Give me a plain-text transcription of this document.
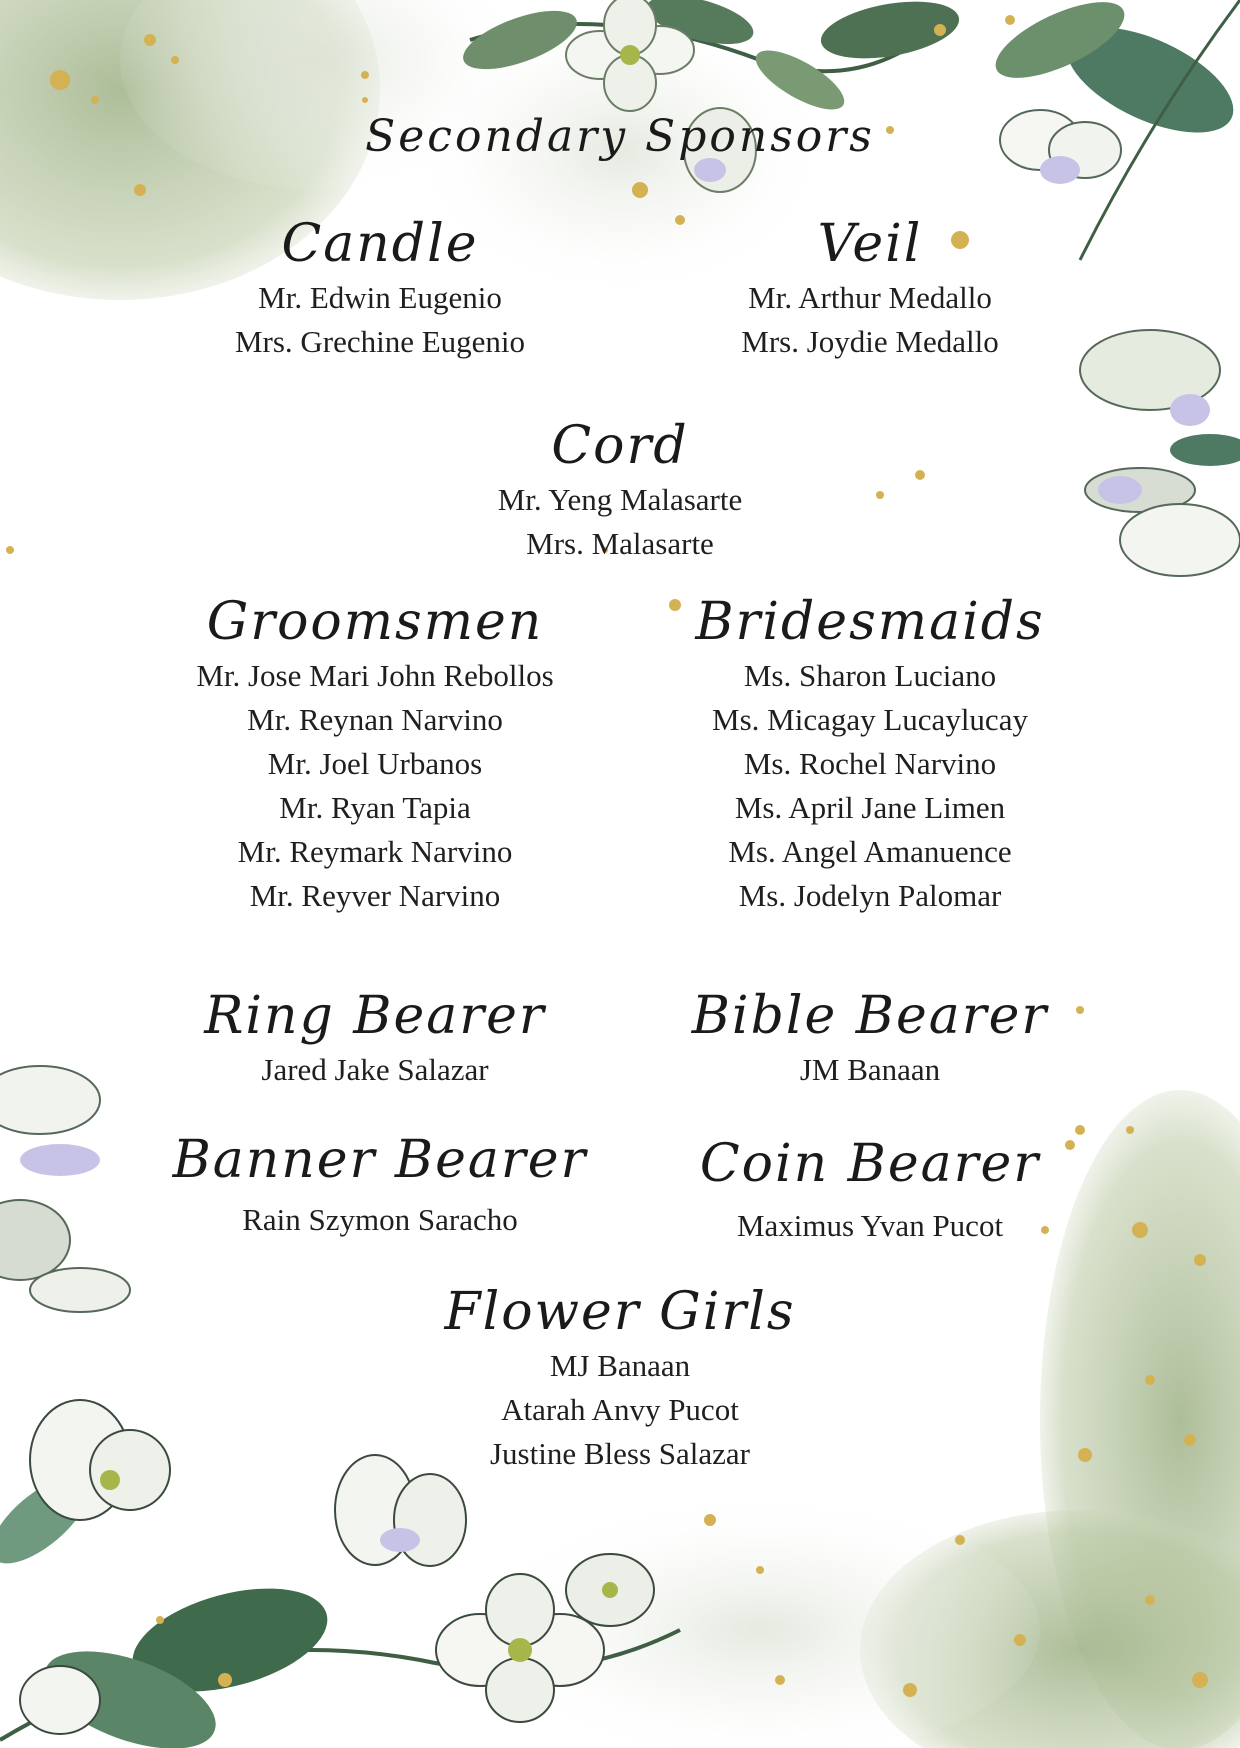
Secondary Sponsors
Candle
Mr. Edwin Eugenio
Mrs. Grechine Eugenio
Veil
Mr. Arthur Medallo
Mrs. Joydie Medallo
Cord
Mr. Yeng Malasarte
Mrs. Malasarte
Groomsmen
Mr. Jose Mari John Rebollos
Mr. Reynan Narvino
Mr. Joel Urbanos
Mr. Ryan Tapia
Mr. Reymark Narvino
Mr. Reyver Narvino
Bridesmaids
Ms. Sharon Luciano
Ms. Micagay Lucaylucay
Ms. Rochel Narvino
Ms. April Jane Limen
Ms. Angel Amanuence
Ms. Jodelyn Palomar
Ring Bearer
Jared Jake Salazar
Bible Bearer
JM Banaan
Banner Bearer
Rain Szymon Saracho
Coin Bearer
Maximus Yvan Pucot
Flower Girls
MJ Banaan
Atarah Anvy Pucot
Justine Bless Salazar
